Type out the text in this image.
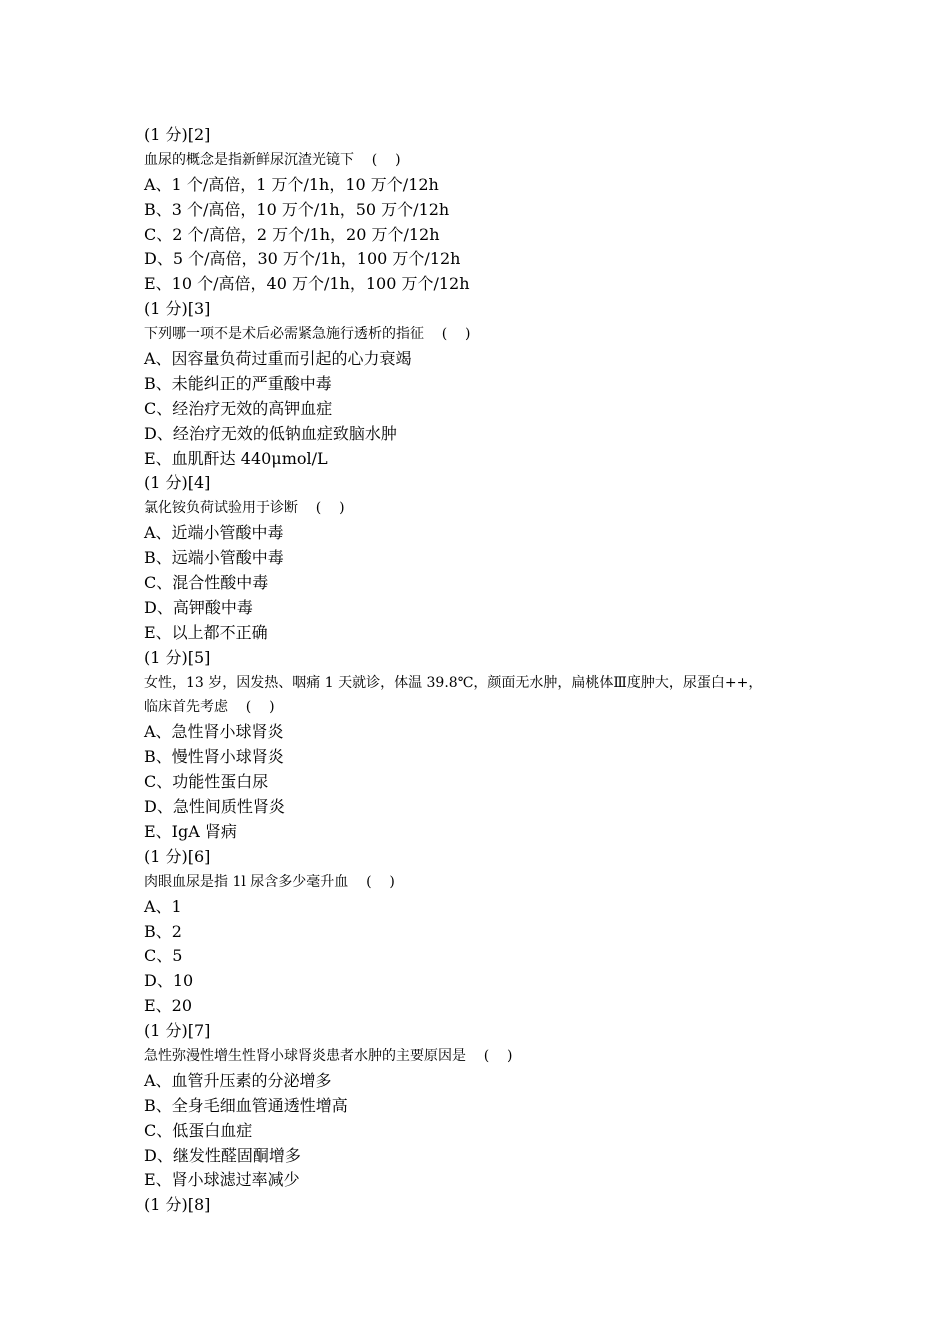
(1 分)[2]
血尿的概念是指新鲜尿沉渣光镜下    (    )
A、1 个/高倍，1 万个/1h，10 万个/12h
B、3 个/高倍，10 万个/1h，50 万个/12h
C、2 个/高倍，2 万个/1h，20 万个/12h
D、5 个/高倍，30 万个/1h，100 万个/12h
E、10 个/高倍，40 万个/1h，100 万个/12h
(1 分)[3]
下列哪一项不是术后必需紧急施行透析的指征    (    )
A、因容量负荷过重而引起的心力衰竭
B、未能纠正的严重酸中毒
C、经治疗无效的高钾血症
D、经治疗无效的低钠血症致脑水肿
E、血肌酐达 440μmol/L
(1 分)[4]
氯化铵负荷试验用于诊断    (    )
A、近端小管酸中毒
B、远端小管酸中毒
C、混合性酸中毒
D、高钾酸中毒
E、以上都不正确
(1 分)[5]
女性，13 岁，因发热、咽痛 1 天就诊，体温 39.8℃，颜面无水肿，扁桃体Ⅲ度肿大，尿蛋白++，
临床首先考虑    (    )
A、急性肾小球肾炎
B、慢性肾小球肾炎
C、功能性蛋白尿
D、急性间质性肾炎
E、IgA 肾病
(1 分)[6]
肉眼血尿是指 1l 尿含多少毫升血    (    )
A、1
B、2
C、5
D、10
E、20
(1 分)[7]
急性弥漫性增生性肾小球肾炎患者水肿的主要原因是    (    )
A、血管升压素的分泌增多
B、全身毛细血管通透性增高
C、低蛋白血症
D、继发性醛固酮增多
E、肾小球滤过率减少
(1 分)[8]
